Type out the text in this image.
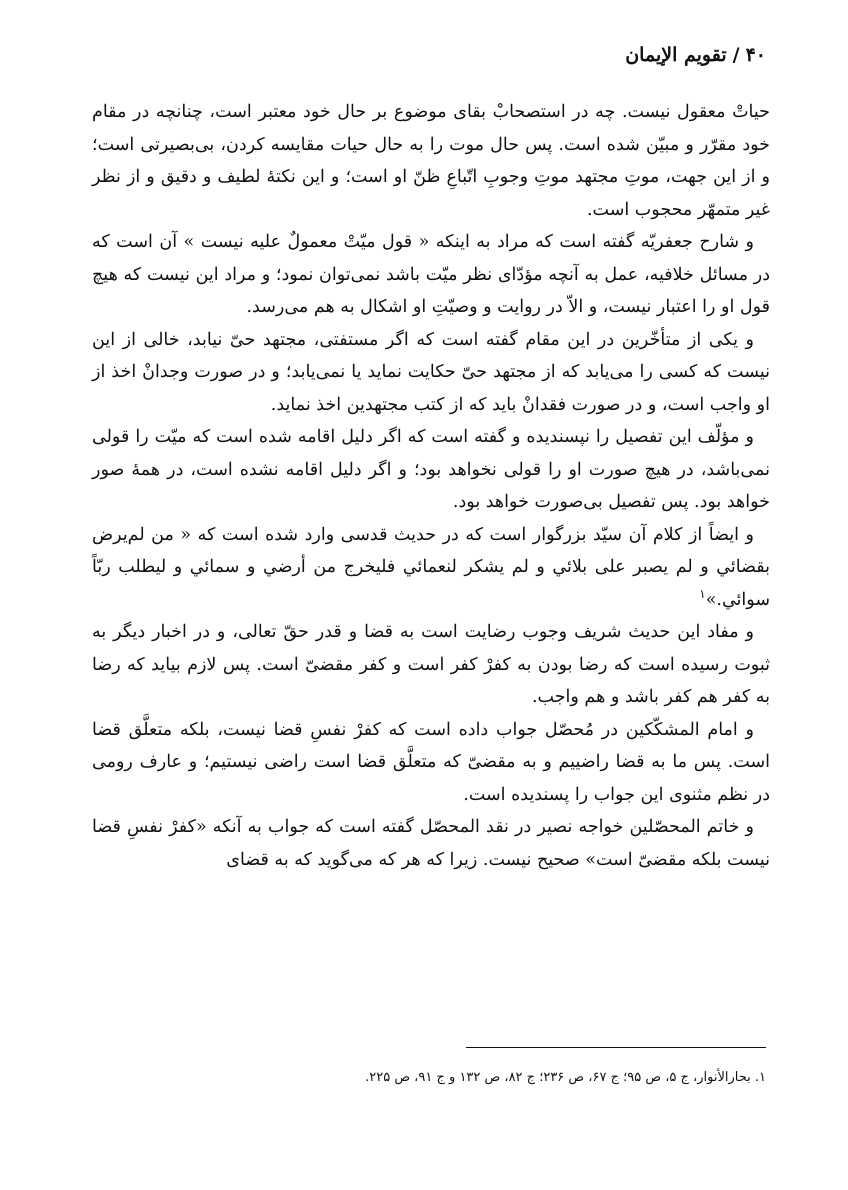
۴۰/تقويم الإيمان

حیاتْ معقول نیست. چه در استصحابْ بقای موضوع بر حال خود معتبر است، چنانچه در مقام خود مقرّر و مبیّن شده است. پس حال موت را به حال حیات مقایسه کردن، بی‌بصیرتی است؛ و از این جهت، موتِ مجتهد موتِ وجوبِ اتّباعِ ظنّ او است؛ و این نکتهٔ لطیف و دقیق و از نظر غیر متمهّر محجوب است.

و شارح جعفریّه گفته است که مراد به اینکه « قول میّتْ معمولٌ علیه نیست » آن است که در مسائل خلافیه، عمل به آنچه مؤدّای نظر میّت باشد نمی‌توان نمود؛ و مراد این نیست که هیچ قول او را اعتبار نیست، و الاّ در روایت و وصیّتِ او اشکال به هم می‌رسد.

و یکی از متأخّرین در این مقام گفته است که اگر مستفتی، مجتهد حیّ نیابد، خالی از این نیست که کسی را می‌یابد که از مجتهد حیّ حکایت نماید یا نمی‌یابد؛ و در صورت وجدانْ اخذ از او واجب است، و در صورت فقدانْ باید که از کتب مجتهدین اخذ نماید.

و مؤلّف این تفصیل را نپسندیده و گفته است که اگر دلیل اقامه شده است که میّت را قولی نمی‌باشد، در هیچ صورت او را قولی نخواهد بود؛ و اگر دلیل اقامه نشده است، در همهٔ صور خواهد بود. پس تفصیل بی‌صورت خواهد بود.

و ایضاً از کلام آن سیّد بزرگوار است که در حدیث قدسی وارد شده است که « من لم‌یرض بقضائي و لم یصبر علی بلائي و لم یشکر لنعمائي فلیخرج من أرضي و سمائي و لیطلب ربّاً سوائي.»$^۱$

و مفاد این حدیث شریف وجوب رضایت است به قضا و قدر حقّ تعالی، و در اخبار دیگر به ثبوت رسیده است که رضا بودن به کفرْ کفر است و کفر مقضیّ است. پس لازم بیاید که رضا به کفر هم کفر باشد و هم واجب.

و امام المشکّکین در مُحصّل جواب داده است که کفرْ نفسِ قضا نیست، بلکه متعلَّق قضا است. پس ما به قضا راضییم و به مقضیّ که متعلَّق قضا است راضی نیستیم؛ و عارف رومی در نظم مثنوی این جواب را پسندیده است.

و خاتم المحصّلین خواجه نصیر در نقد المحصّل گفته است که جواب به آنکه «کفرْ نفسِ قضا نیست بلکه مقضیّ است» صحیح نیست. زیرا که هر که می‌گوید که به قضای

۱. بحارالأنوار، ج ۵، ص ۹۵؛ ج ۶۷، ص ۲۳۶؛ ج ۸۲، ص ۱۳۲ و ج ۹۱، ص ۲۲۵.
